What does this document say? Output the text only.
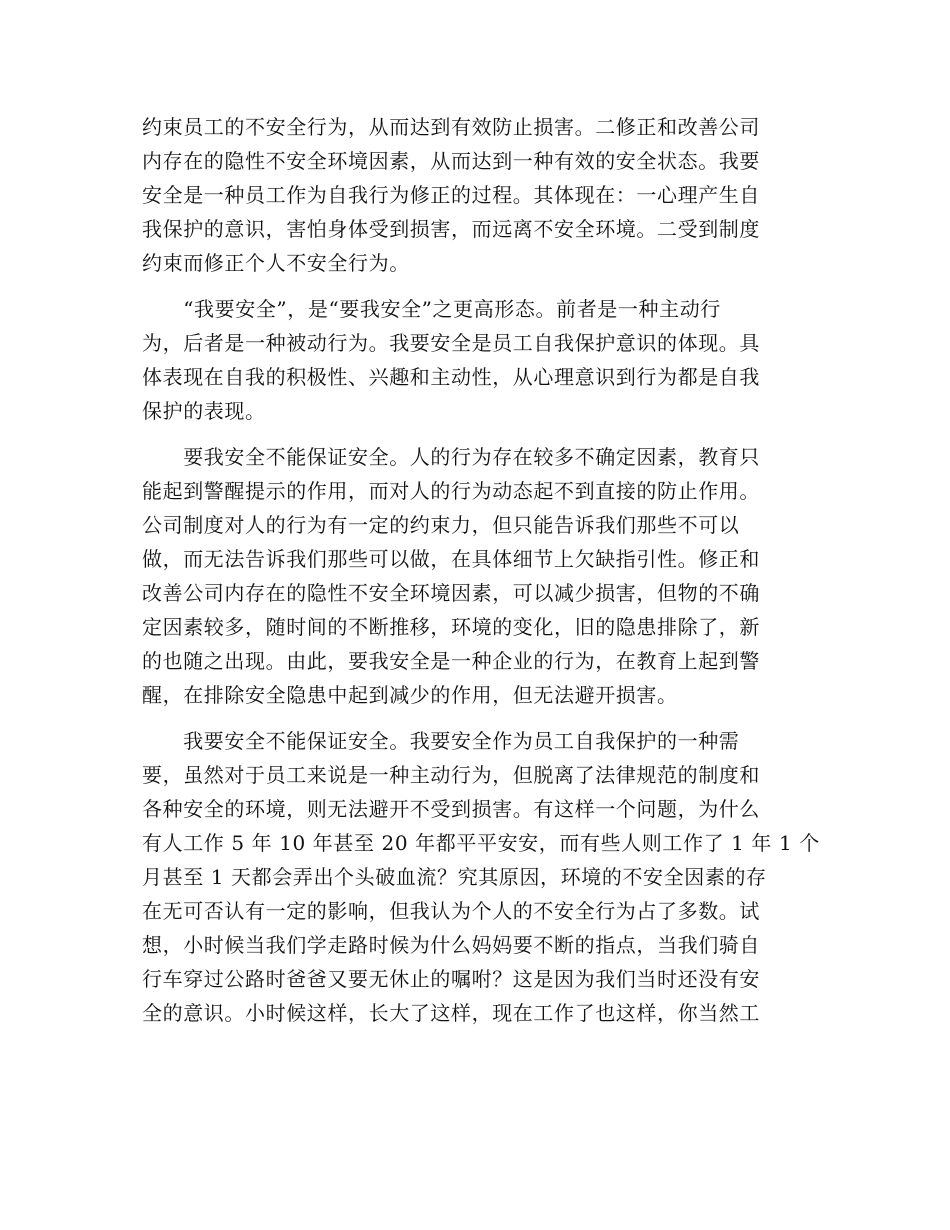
约束员工的不安全行为，从而达到有效防止损害。二修正和改善公司
内存在的隐性不安全环境因素，从而达到一种有效的安全状态。我要
安全是一种员工作为自我行为修正的过程。其体现在：一心理产生自
我保护的意识，害怕身体受到损害，而远离不安全环境。二受到制度
约束而修正个人不安全行为。
　　“我要安全”，是“要我安全”之更高形态。前者是一种主动行
为，后者是一种被动行为。我要安全是员工自我保护意识的体现。具
体表现在自我的积极性、兴趣和主动性，从心理意识到行为都是自我
保护的表现。
　　要我安全不能保证安全。人的行为存在较多不确定因素，教育只
能起到警醒提示的作用，而对人的行为动态起不到直接的防止作用。
公司制度对人的行为有一定的约束力，但只能告诉我们那些不可以
做，而无法告诉我们那些可以做，在具体细节上欠缺指引性。修正和
改善公司内存在的隐性不安全环境因素，可以减少损害，但物的不确
定因素较多，随时间的不断推移，环境的变化，旧的隐患排除了，新
的也随之出现。由此，要我安全是一种企业的行为，在教育上起到警
醒，在排除安全隐患中起到减少的作用，但无法避开损害。
　　我要安全不能保证安全。我要安全作为员工自我保护的一种需
要，虽然对于员工来说是一种主动行为，但脱离了法律规范的制度和
各种安全的环境，则无法避开不受到损害。有这样一个问题，为什么
有人工作 5 年 10 年甚至 20 年都平平安安，而有些人则工作了 1 年 1 个
月甚至 1 天都会弄出个头破血流？究其原因，环境的不安全因素的存
在无可否认有一定的影响，但我认为个人的不安全行为占了多数。试
想，小时候当我们学走路时候为什么妈妈要不断的指点，当我们骑自
行车穿过公路时爸爸又要无休止的嘱咐？这是因为我们当时还没有安
全的意识。小时候这样，长大了这样，现在工作了也这样，你当然工
